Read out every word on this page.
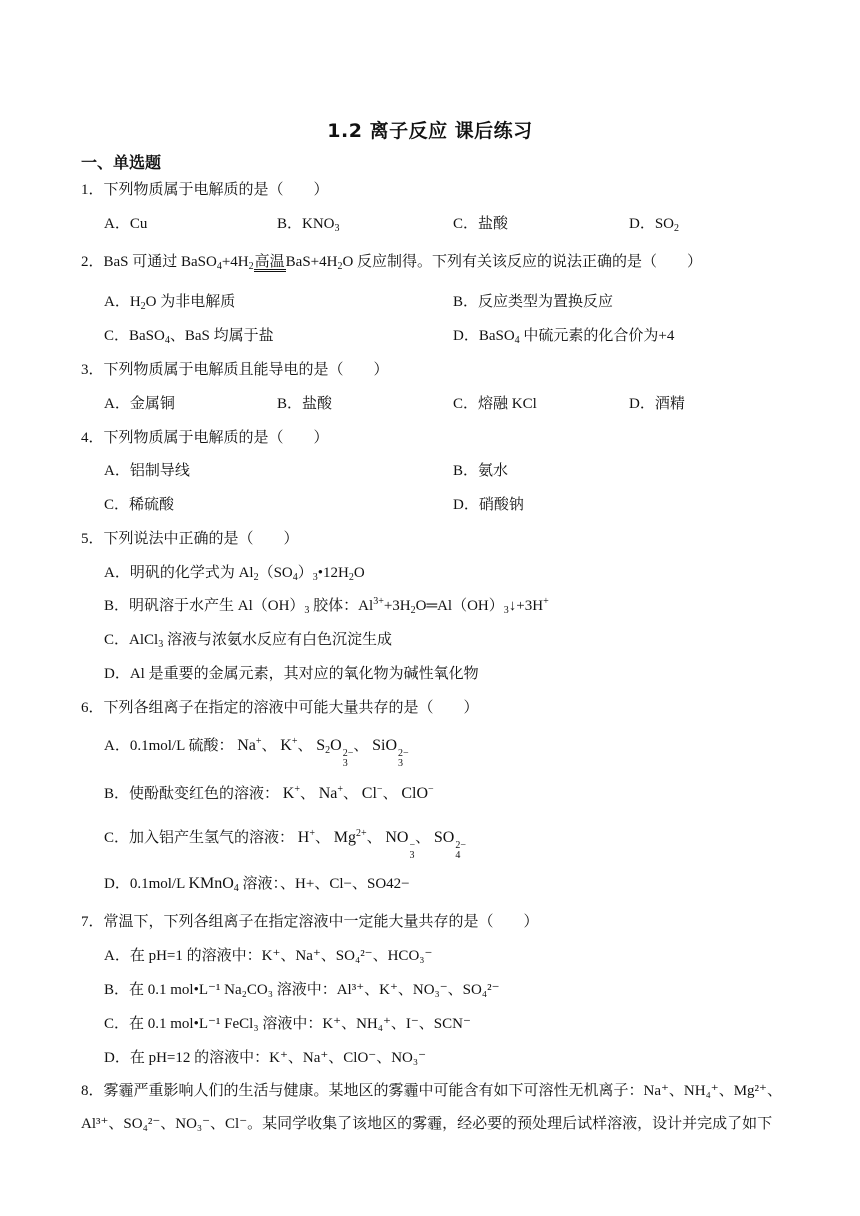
1.2 离子反应 课后练习
一、单选题
1．下列物质属于电解质的是（　　）
A．Cu	B．$KNO_3$	C．盐酸	D．$SO_2$
2．BaS 可通过 $BaSO_4+4H_2$高温$BaS+4H_2O$ 反应制得。下列有关该反应的说法正确的是（　　）
A．$H_2O$ 为非电解质	B．反应类型为置换反应
C．BaSO$_4$、BaS 均属于盐	D．BaSO$_4$ 中硫元素的化合价为+4
3．下列物质属于电解质且能导电的是（　　）
A．金属铜	B．盐酸	C．熔融 KCl	D．酒精
4．下列物质属于电解质的是（　　）
A．铝制导线	B．氨水
C．稀硫酸	D．硝酸钠
5．下列说法中正确的是（　　）
A．明矾的化学式为 $Al_2(SO_4)_3•12H_2O$
B．明矾溶于水产生 $Al(OH)_3$ 胶体：$Al^{3+}+3H_2O═Al(OH)_3↓+3H^+$
C．AlCl$_3$ 溶液与浓氨水反应有白色沉淀生成
D．Al 是重要的金属元素，其对应的氧化物为碱性氧化物
6．下列各组离子在指定的溶液中可能大量共存的是（　　）
A．0.1mol/L 硫酸： Na+、 K+、 $S_2O$ 2−
3
、 SiO 2−
3
B．使酚酞变红色的溶液： K+、 Na+、 Cl−、 ClO−
C．加入铝产生氢气的溶液： H+、 $Mg^{2+}$、 NO −
3
、 SO 2−
4
D．0.1mol/L KMnO$_4$ 溶液：、H+、Cl−、SO42−
7．常温下，下列各组离子在指定溶液中一定能大量共存的是（　　）
A．在 pH=1 的溶液中：K⁺、Na⁺、SO₄²⁻、HCO₃⁻
B．在 0.1 mol•L⁻¹ Na₂CO₃ 溶液中：Al³⁺、K⁺、NO₃⁻、SO₄²⁻
C．在 0.1 mol•L⁻¹ FeCl₃ 溶液中：K⁺、NH₄⁺、I⁻、SCN⁻
D．在 pH=12 的溶液中：K⁺、Na⁺、ClO⁻、NO₃⁻
8．雾霾严重影响人们的生活与健康。某地区的雾霾中可能含有如下可溶性无机离子：Na⁺、NH₄⁺、Mg²⁺、
Al³⁺、SO₄²⁻、NO₃⁻、Cl⁻。某同学收集了该地区的雾霾，经必要的预处理后试样溶液，设计并完成了如下
